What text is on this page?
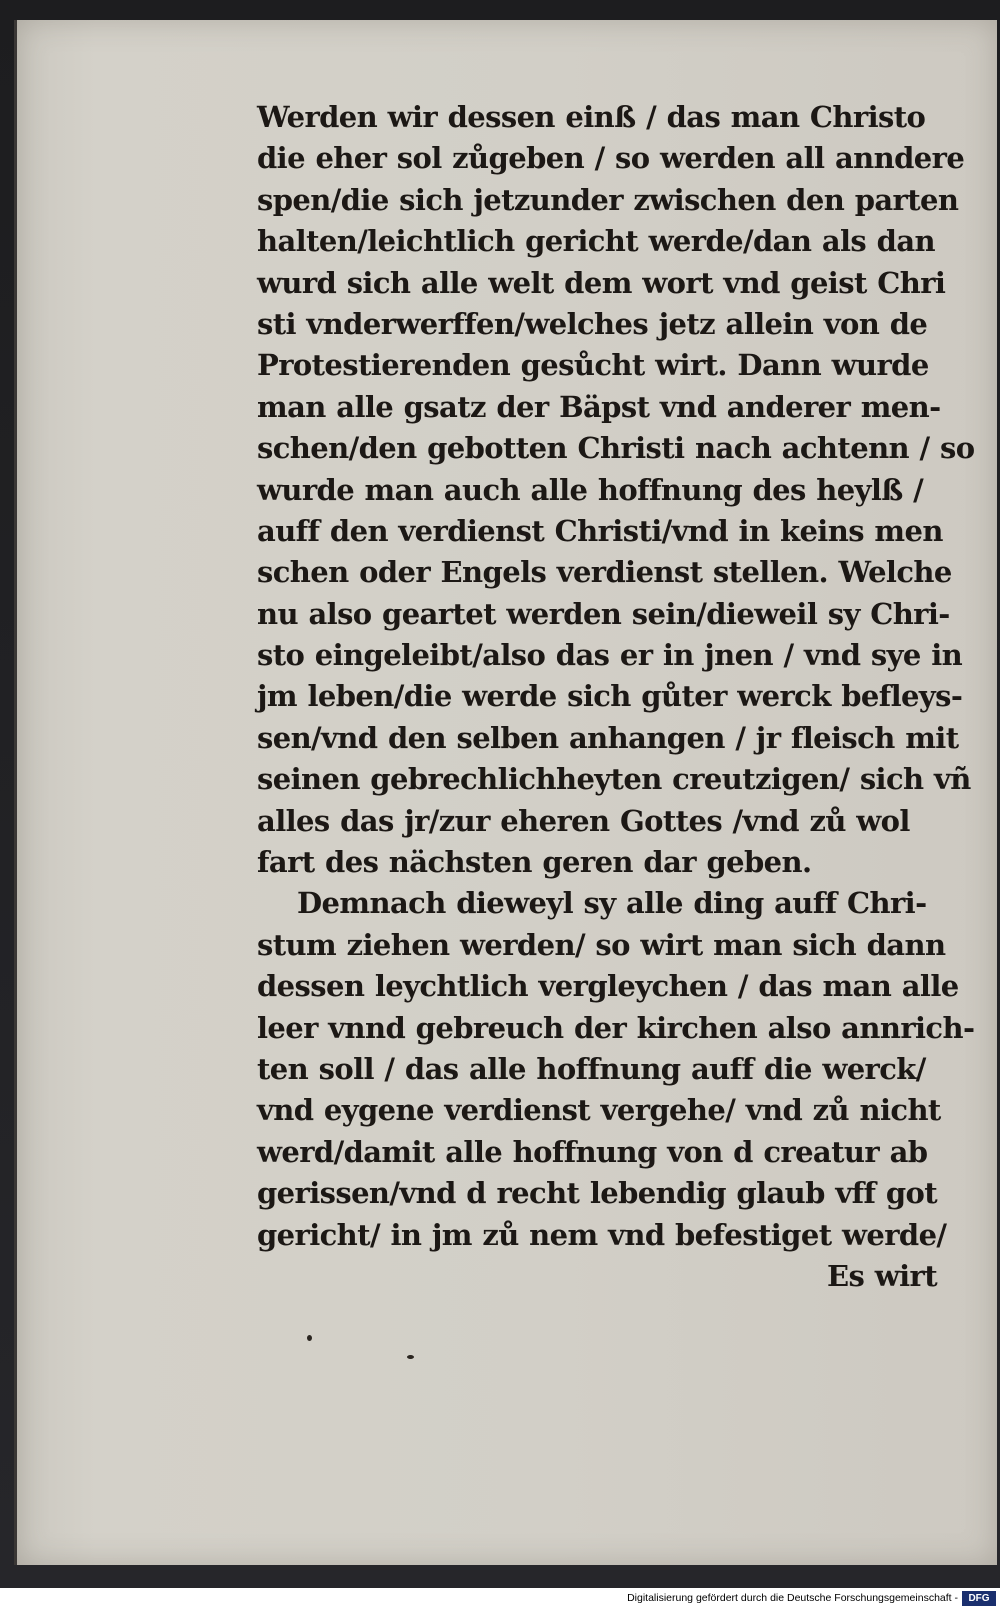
Werden wir dessen einß / das man Christo
die eher sol zůgeben / so werden all anndere
spen/die sich jetzunder zwischen den parten
halten/leichtlich gericht werde/dan als dan
wurd sich alle welt dem wort vnd geist Chri
sti vnderwerffen/welches jetz allein von de
Protestierenden gesůcht wirt. Dann wurde
man alle gsatz der Bäpst vnd anderer men-
schen/den gebotten Christi nach achtenn / so
wurde man auch alle hoffnung des heylß /
auff den verdienst Christi/vnd in keins men
schen oder Engels verdienst stellen. Welche
nu also geartet werden sein/dieweil sy Chri-
sto eingeleibt/also das er in jnen / vnd sye in
jm leben/die werde sich gůter werck befleys-
sen/vnd den selben anhangen / jr fleisch mit
seinen gebrechlichheyten creutzigen/ sich vñ
alles das jr/zur eheren Gottes /vnd zů wol
fart des nächsten geren dar geben.
Demnach dieweyl sy alle ding auff Chri-
stum ziehen werden/ so wirt man sich dann
dessen leychtlich vergleychen / das man alle
leer vnnd gebreuch der kirchen also annrich-
ten soll / das alle hoffnung auff die werck/
vnd eygene verdienst vergehe/ vnd zů nicht
werd/damit alle hoffnung von d creatur ab
gerissen/vnd d recht lebendig glaub vff got
gericht/ in jm zů nem vnd befestiget werde/
Es wirt
Digitalisierung gefördert durch die Deutsche Forschungsgemeinschaft -	DFG
